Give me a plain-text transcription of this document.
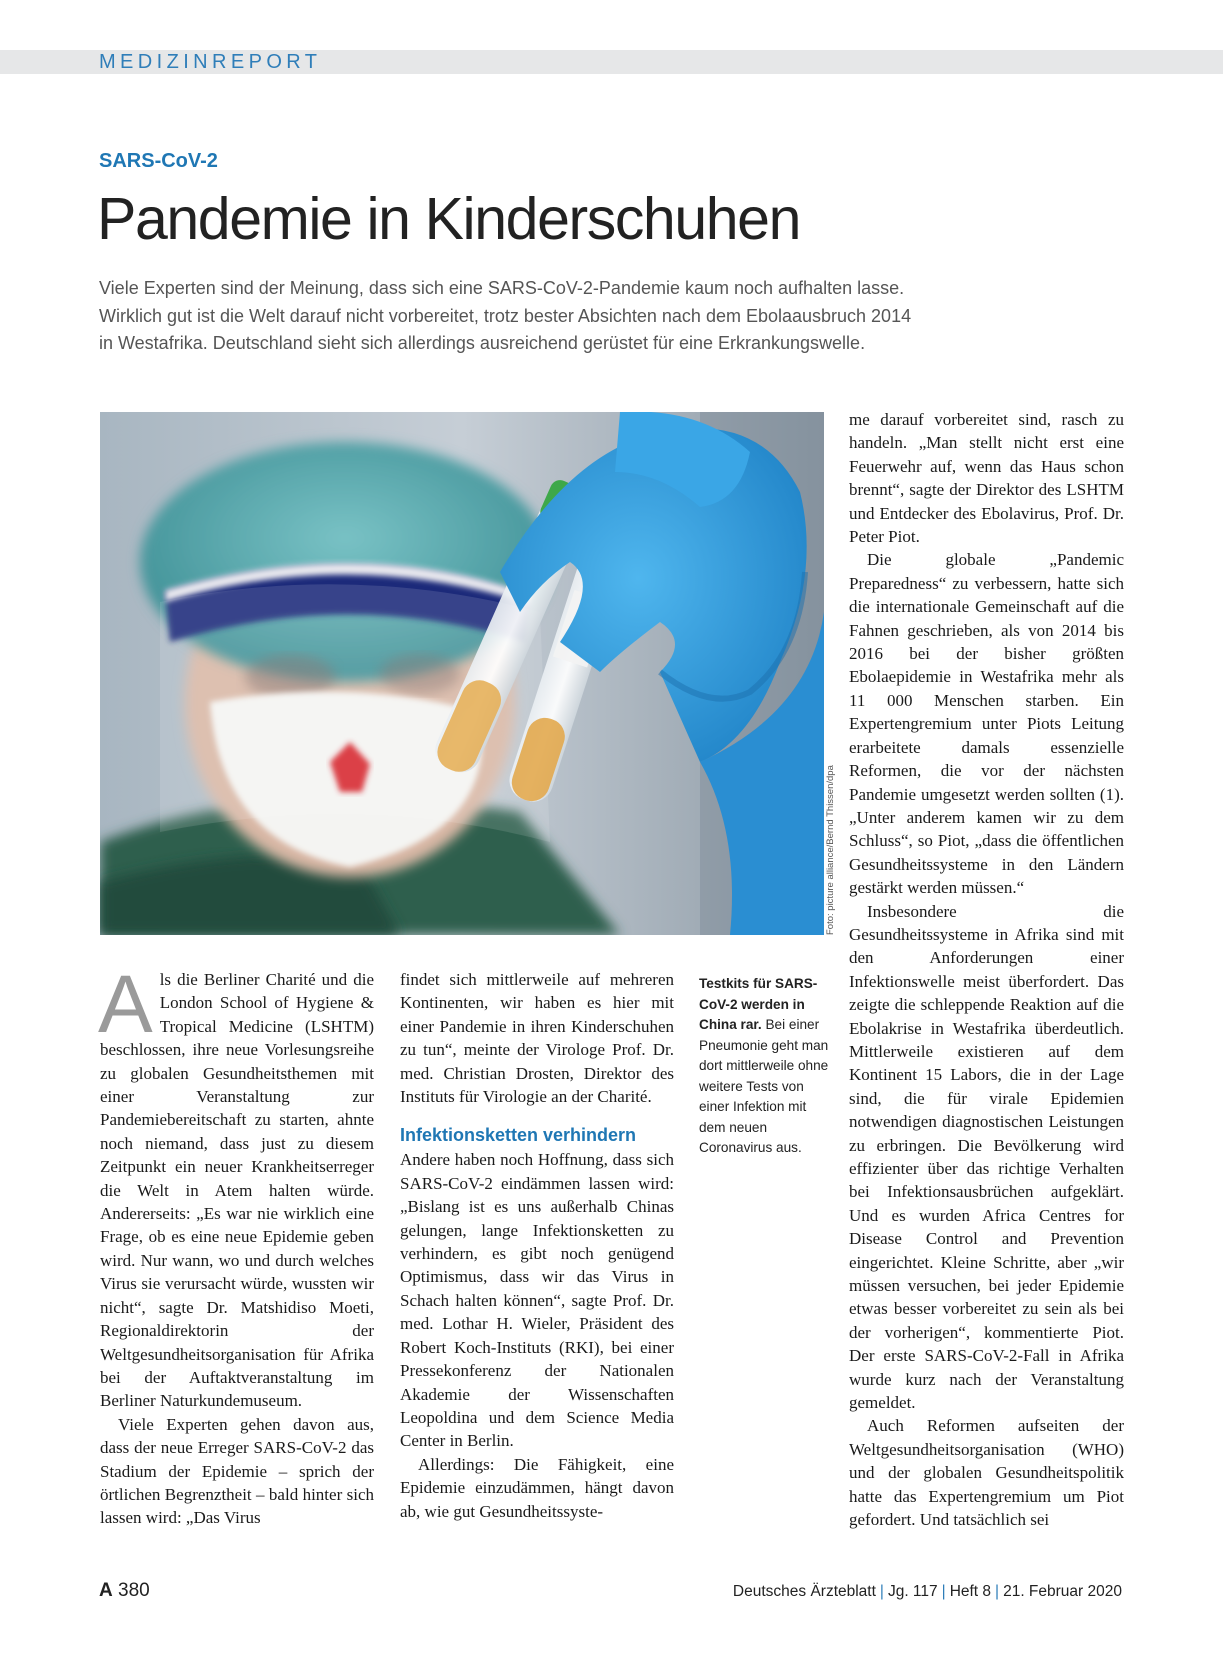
MEDIZINREPORT
SARS-CoV-2
Pandemie in Kinderschuhen
Viele Experten sind der Meinung, dass sich eine SARS-CoV-2-Pandemie kaum noch aufhalten lasse.
Wirklich gut ist die Welt darauf nicht vorbereitet, trotz bester Absichten nach dem Ebolaausbruch 2014
in Westafrika. Deutschland sieht sich allerdings ausreichend gerüstet für eine Erkrankungswelle.
Foto: picture alliance/Bernd Thissen/dpa

Als die Berliner Charité und die London School of Hygiene & Tropical Medicine (LSHTM) beschlossen, ihre neue Vorlesungsreihe zu globalen Gesundheitsthemen mit einer Veranstaltung zur Pandemiebereitschaft zu starten, ahnte noch niemand, dass just zu diesem Zeitpunkt ein neuer Krankheitserreger die Welt in Atem halten würde. Andererseits: „Es war nie wirklich eine Frage, ob es eine neue Epidemie geben wird. Nur wann, wo und durch welches Virus sie verursacht würde, wussten wir nicht“, sagte Dr. Matshidiso Moeti, Regionaldirektorin der Weltgesundheitsorganisation für Afrika bei der Auftaktveranstaltung im Berliner Naturkundemuseum.

Viele Experten gehen davon aus, dass der neue Erreger SARS-CoV-2 das Stadium der Epidemie – sprich der örtlichen Begrenztheit – bald hinter sich lassen wird: „Das Virus

findet sich mittlerweile auf mehreren Kontinenten, wir haben es hier mit einer Pandemie in ihren Kinderschuhen zu tun“, meinte der Virologe Prof. Dr. med. Christian Drosten, Direktor des Instituts für Virologie an der Charité.

Infektionsketten verhindern

Andere haben noch Hoffnung, dass sich SARS-CoV-2 eindämmen lassen wird: „Bislang ist es uns außerhalb Chinas gelungen, lange Infektionsketten zu verhindern, es gibt noch genügend Optimismus, dass wir das Virus in Schach halten können“, sagte Prof. Dr. med. Lothar H. Wieler, Präsident des Robert Koch-Instituts (RKI), bei einer Pressekonferenz der Nationalen Akademie der Wissenschaften Leopoldina und dem Science Media Center in Berlin.

Allerdings: Die Fähigkeit, eine Epidemie einzudämmen, hängt davon ab, wie gut Gesundheitssyste-

Testkits für SARS-CoV-2 werden in China rar. Bei einer Pneumonie geht man dort mittlerweile ohne weitere Tests von einer Infektion mit dem neuen Coronavirus aus.

me darauf vorbereitet sind, rasch zu handeln. „Man stellt nicht erst eine Feuerwehr auf, wenn das Haus schon brennt“, sagte der Direktor des LSHTM und Entdecker des Ebolavirus, Prof. Dr. Peter Piot.

Die globale „Pandemic Preparedness“ zu verbessern, hatte sich die internationale Gemeinschaft auf die Fahnen geschrieben, als von 2014 bis 2016 bei der bisher größten Ebolaepidemie in Westafrika mehr als 11 000 Menschen starben. Ein Expertengremium unter Piots Leitung erarbeitete damals essenzielle Reformen, die vor der nächsten Pandemie umgesetzt werden sollten (1). „Unter anderem kamen wir zu dem Schluss“, so Piot, „dass die öffentlichen Gesundheitssysteme in den Ländern gestärkt werden müssen.“

Insbesondere die Gesundheitssysteme in Afrika sind mit den Anforderungen einer Infektionswelle meist überfordert. Das zeigte die schleppende Reaktion auf die Ebolakrise in Westafrika überdeutlich. Mittlerweile existieren auf dem Kontinent 15 Labors, die in der Lage sind, die für virale Epidemien notwendigen diagnostischen Leistungen zu erbringen. Die Bevölkerung wird effizienter über das richtige Verhalten bei Infektionsausbrüchen aufgeklärt. Und es wurden Africa Centres for Disease Control and Prevention eingerichtet. Kleine Schritte, aber „wir müssen versuchen, bei jeder Epidemie etwas besser vorbereitet zu sein als bei der vorherigen“, kommentierte Piot. Der erste SARS-CoV-2-Fall in Afrika wurde kurz nach der Veranstaltung gemeldet.

Auch Reformen aufseiten der Weltgesundheitsorganisation (WHO) und der globalen Gesundheitspolitik hatte das Expertengremium um Piot gefordert. Und tatsächlich sei

A 380	Deutsches Ärzteblatt | Jg. 117 | Heft 8 | 21. Februar 2020
